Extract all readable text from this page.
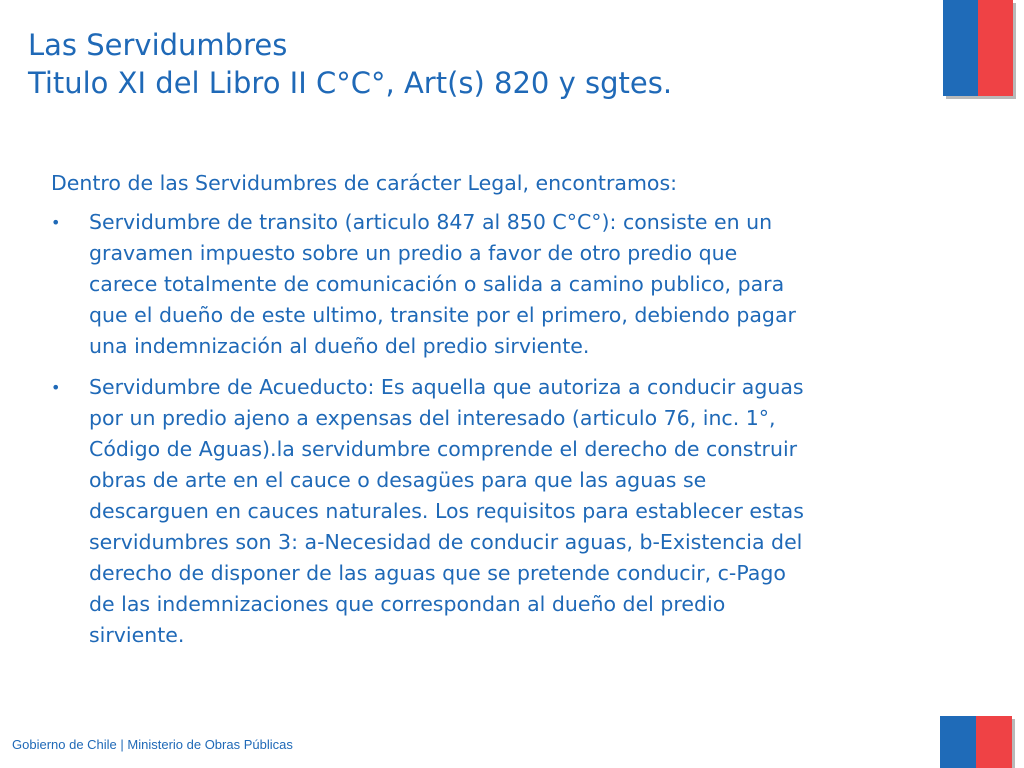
Las Servidumbres
Titulo XI del Libro II C°C°, Art(s) 820 y sgtes.

Dentro de las Servidumbres de carácter Legal, encontramos:

•	Servidumbre de transito (articulo 847 al 850 C°C°): consiste en un
gravamen impuesto sobre un predio a favor de otro predio que
carece totalmente de comunicación o salida a camino publico, para
que el dueño de este ultimo, transite por el primero, debiendo pagar
una indemnización al dueño del predio sirviente.
•	Servidumbre de Acueducto: Es aquella que autoriza a conducir aguas
por un predio ajeno a expensas del interesado (articulo 76, inc. 1°,
Código de Aguas).la servidumbre comprende el derecho de construir
obras de arte en el cauce o desagües para que las aguas se
descarguen en cauces naturales. Los requisitos para establecer estas
servidumbres son 3: a-Necesidad de conducir aguas, b-Existencia del
derecho de disponer de las aguas que se pretende conducir, c-Pago
de las indemnizaciones que correspondan al dueño del predio
sirviente.
Gobierno de Chile | Ministerio de Obras Públicas
